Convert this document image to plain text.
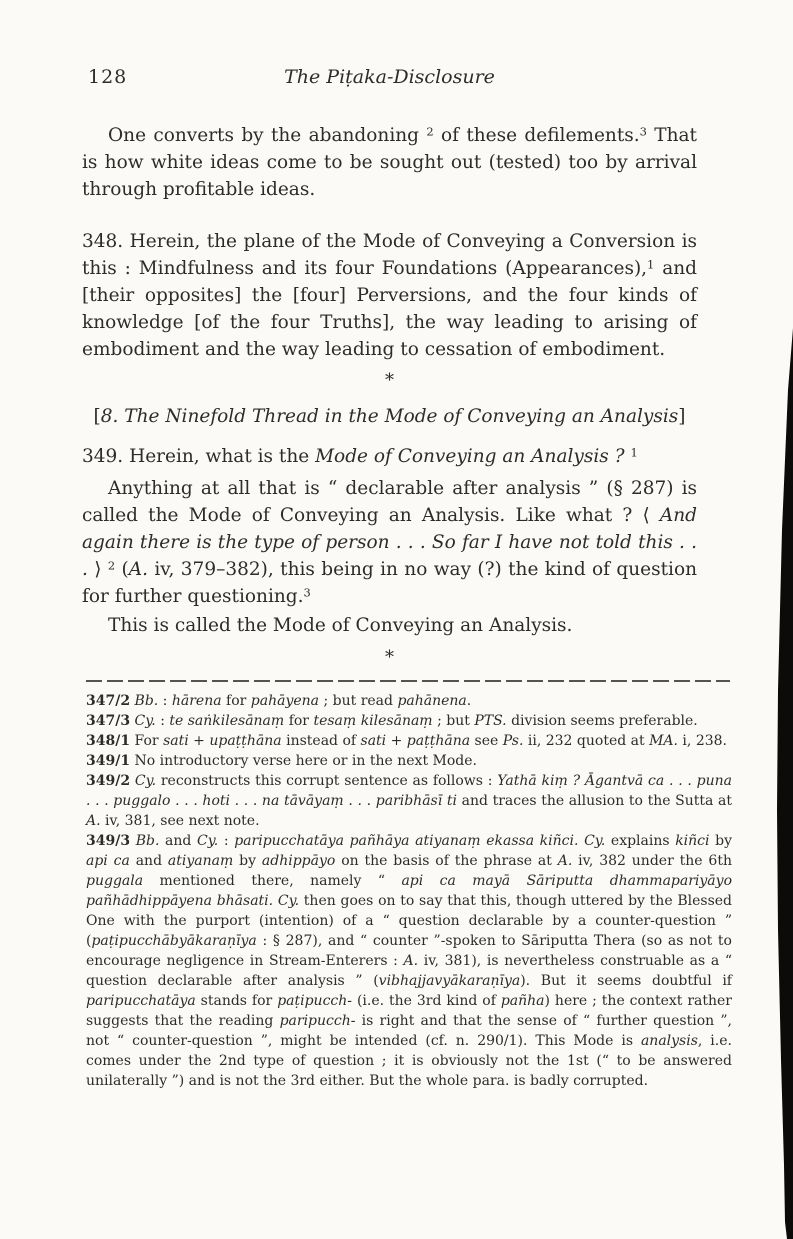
128	The Piṭaka-Disclosure

One converts by the abandoning $^2$ of these defilements.$^3$ That is how white ideas come to be sought out (tested) too by arrival through profitable ideas.

348. Herein, the plane of the Mode of Conveying a Conversion is this : Mindfulness and its four Foundations (Appearances),$^1$ and [their opposites] the [four] Perversions, and the four kinds of knowledge [of the four Truths], the way leading to arising of embodiment and the way leading to cessation of embodiment.

*

[8. The Ninefold Thread in the Mode of Conveying an Analysis]

349. Herein, what is the Mode of Conveying an Analysis ? $^1$

Anything at all that is “ declarable after analysis ” (§ 287) is called the Mode of Conveying an Analysis. Like what ? ⟨ And again there is the type of person . . . So far I have not told this . . . ⟩ $^2$ (A. iv, 379–382), this being in no way (?) the kind of question for further questioning.$^3$

This is called the Mode of Conveying an Analysis.

*

347/2 Bb. : hārena for pahāyena ; but read pahānena.

347/3 Cy. : te saṅkilesānaṃ for tesaṃ kilesānaṃ ; but PTS. division seems preferable.

348/1 For sati + upaṭṭhāna instead of sati + paṭṭhāna see Ps. ii, 232 quoted at MA. i, 238.

349/1 No introductory verse here or in the next Mode.

349/2 Cy. reconstructs this corrupt sentence as follows : Yathā kiṃ ? Āgantvā ca . . . puna . . . puggalo . . . hoti . . . na tāvāyaṃ . . . paribhāsī ti and traces the allusion to the Sutta at A. iv, 381, see next note.

349/3 Bb. and Cy. : paripucchatāya pañhāya atiyanaṃ ekassa kiñci. Cy. explains kiñci by api ca and atiyanaṃ by adhippāyo on the basis of the phrase at A. iv, 382 under the 6th puggala mentioned there, namely “ api ca mayā Sāriputta dhammapariyāyo pañhādhippāyena bhāsati. Cy. then goes on to say that this, though uttered by the Blessed One with the purport (intention) of a “ question declarable by a counter-question ” (paṭipucchābyākaraṇīya : § 287), and “ counter ”-spoken to Sāriputta Thera (so as not to encourage negligence in Stream-Enterers : A. iv, 381), is nevertheless construable as a “ question declarable after analysis ” (vibhajjavyākaraṇīya). But it seems doubtful if paripucchatāya stands for paṭipucch- (i.e. the 3rd kind of pañha) here ; the context rather suggests that the reading paripucch- is right and that the sense of “ further question ”, not “ counter-question ”, might be intended (cf. n. 290/1). This Mode is analysis, i.e. comes under the 2nd type of question ; it is obviously not the 1st (“ to be answered unilaterally ”) and is not the 3rd either. But the whole para. is badly corrupted.
